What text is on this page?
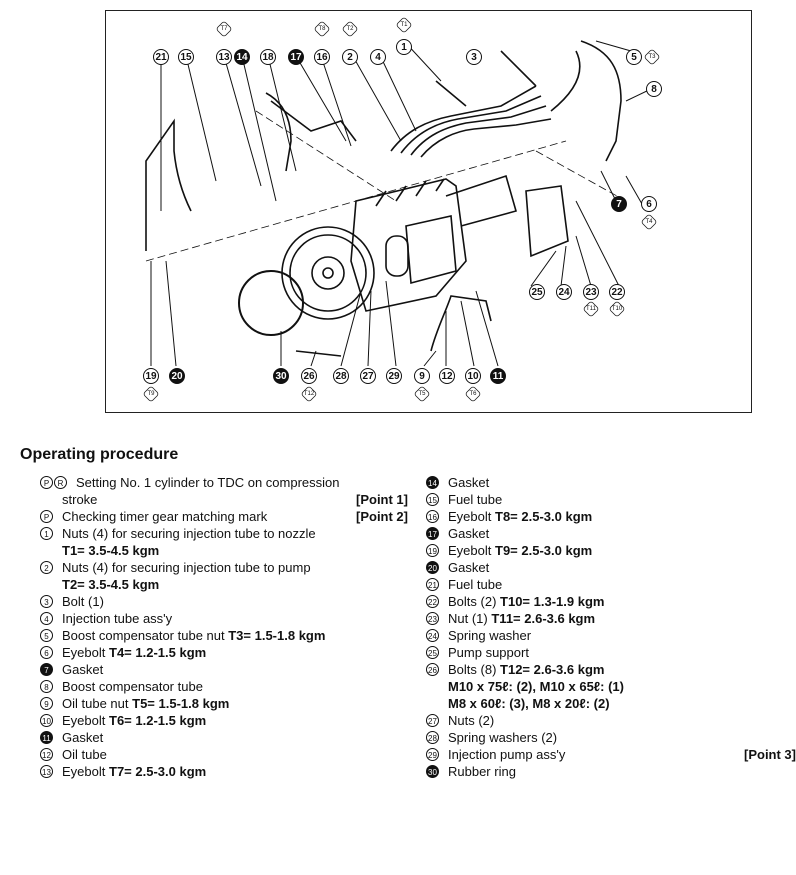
21 15	13 14 18 17 16	2	4
1
3	5
8
7	6
25 24 23 22
19 20	30 26 28 27 29	9	12 10 11
T7	T8	T2
T1
T3
T4
T11	T10
T9	T12	T5	T6
Operating procedure
P	R Setting No. 1 cylinder to TDC on compression
stroke	[Point 1]
P Checking timer gear matching mark	[Point 2]
1	Nuts (4) for securing injection tube to nozzle
T1= 3.5-4.5 kgm
2	Nuts (4) for securing injection tube to pump
T2= 3.5-4.5 kgm
3	Bolt (1)
4	Injection tube ass'y
5	Boost compensator tube nut T3= 1.5-1.8 kgm
6	Eyebolt T4= 1.2-1.5 kgm
7	Gasket
8	Boost compensator tube
9	Oil tube nut T5= 1.5-1.8 kgm
10 Eyebolt T6= 1.2-1.5 kgm
11 Gasket
12 Oil tube
13 Eyebolt T7= 2.5-3.0 kgm
14 Gasket
15 Fuel tube
16 Eyebolt T8= 2.5-3.0 kgm
17 Gasket
19 Eyebolt T9= 2.5-3.0 kgm
20 Gasket
21 Fuel tube
22 Bolts (2) T10= 1.3-1.9 kgm
23 Nut (1) T11= 2.6-3.6 kgm
24 Spring washer
25 Pump support
26 Bolts (8) T12= 2.6-3.6 kgm
M10 x 75ℓ: (2), M10 x 65ℓ: (1)
M8 x 60ℓ: (3), M8 x 20ℓ: (2)
27 Nuts (2)
28 Spring washers (2)
29 Injection pump ass'y	[Point 3]
30 Rubber ring
